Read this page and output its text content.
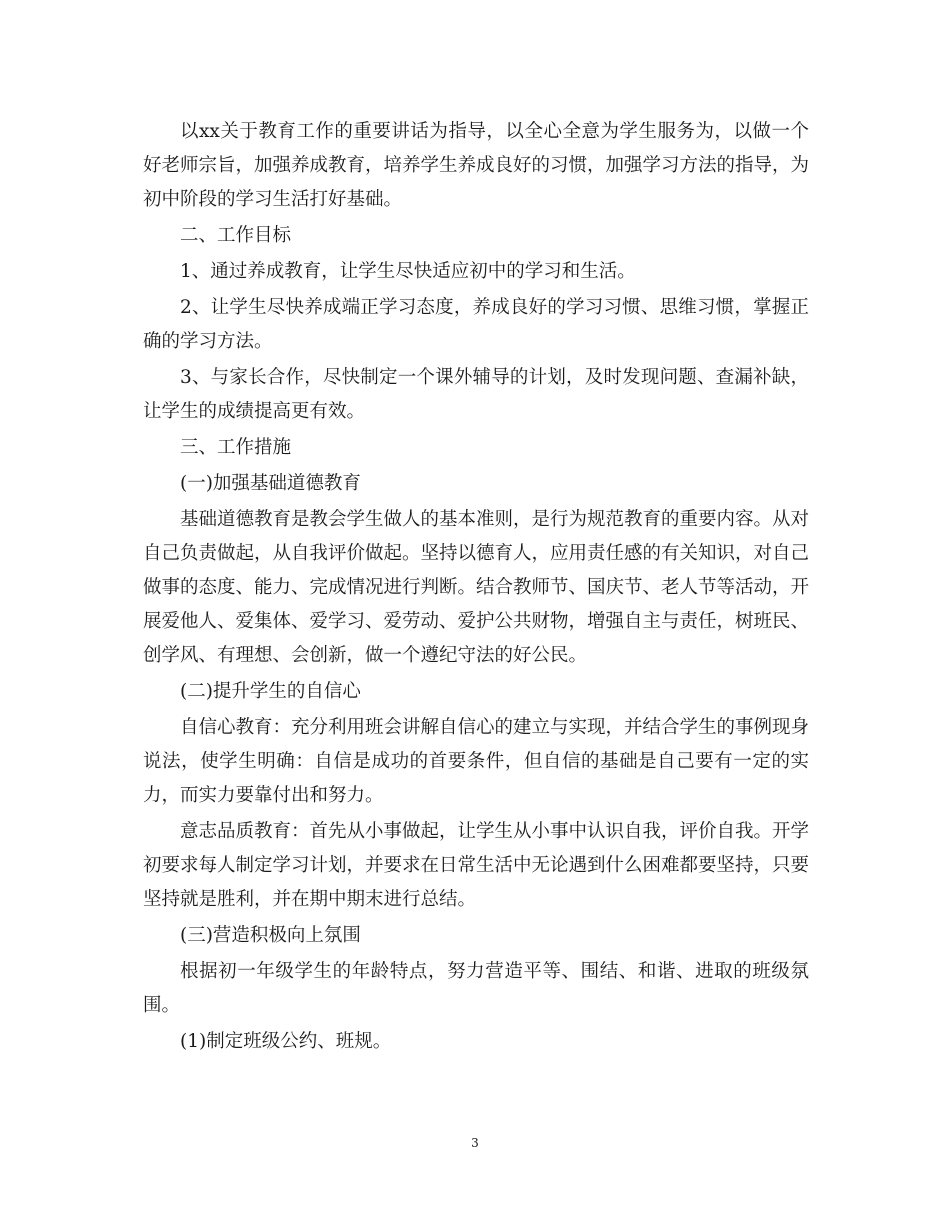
以xx关于教育工作的重要讲话为指导，以全心全意为学生服务为，以做一个好老师宗旨，加强养成教育，培养学生养成良好的习惯，加强学习方法的指导，为初中阶段的学习生活打好基础。

二、工作目标

1、通过养成教育，让学生尽快适应初中的学习和生活。

2、让学生尽快养成端正学习态度，养成良好的学习习惯、思维习惯，掌握正确的学习方法。

3、与家长合作，尽快制定一个课外辅导的计划，及时发现问题、查漏补缺，让学生的成绩提高更有效。

三、工作措施

(一)加强基础道德教育

基础道德教育是教会学生做人的基本准则，是行为规范教育的重要内容。从对自己负责做起，从自我评价做起。坚持以德育人，应用责任感的有关知识，对自己做事的态度、能力、完成情况进行判断。结合教师节、国庆节、老人节等活动，开展爱他人、爱集体、爱学习、爱劳动、爱护公共财物，增强自主与责任，树班民、创学风、有理想、会创新，做一个遵纪守法的好公民。

(二)提升学生的自信心

自信心教育：充分利用班会讲解自信心的建立与实现，并结合学生的事例现身说法，使学生明确：自信是成功的首要条件，但自信的基础是自己要有一定的实力，而实力要靠付出和努力。

意志品质教育：首先从小事做起，让学生从小事中认识自我，评价自我。开学初要求每人制定学习计划，并要求在日常生活中无论遇到什么困难都要坚持，只要坚持就是胜利，并在期中期末进行总结。

(三)营造积极向上氛围

根据初一年级学生的年龄特点，努力营造平等、围结、和谐、进取的班级氛围。

(1)制定班级公约、班规。

3
